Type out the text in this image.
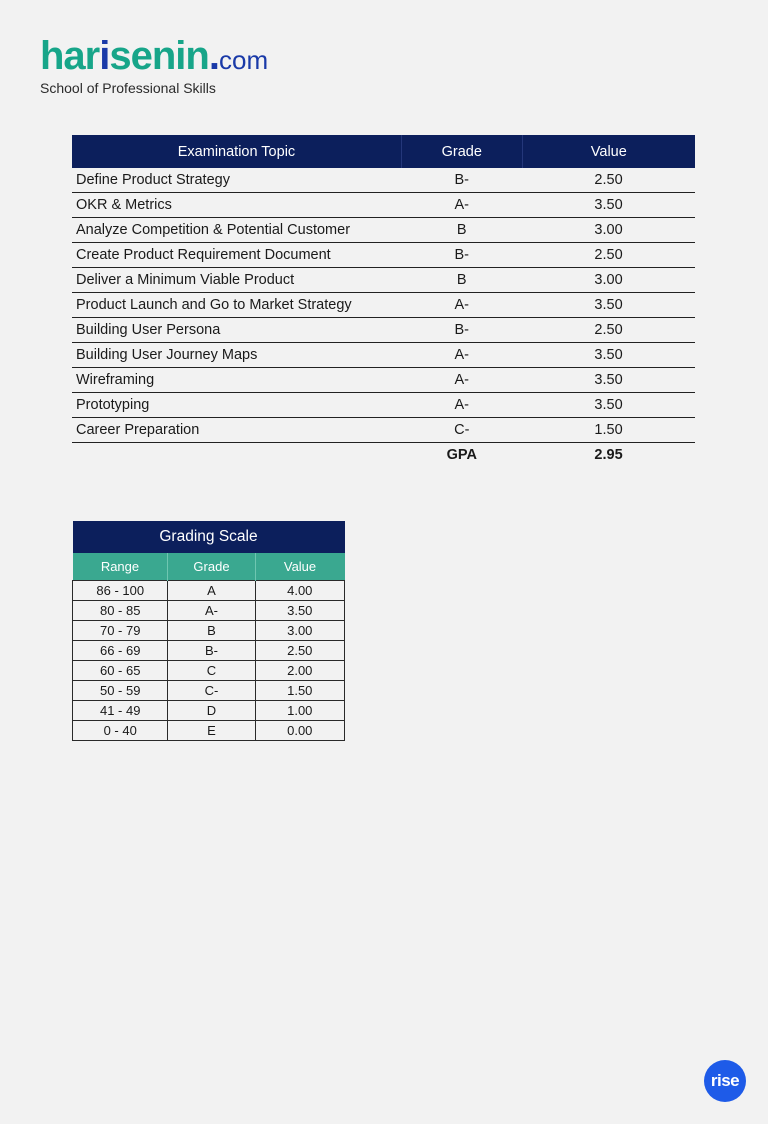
harisenin.com
School of Professional Skills
Examination Topic	Grade	Value
Define Product Strategy	B-	2.50
OKR & Metrics	A-	3.50
Analyze Competition & Potential Customer	B	3.00
Create Product Requirement Document	B-	2.50
Deliver a Minimum Viable Product	B	3.00
Product Launch and Go to Market Strategy	A-	3.50
Building User Persona	B-	2.50
Building User Journey Maps	A-	3.50
Wireframing	A-	3.50
Prototyping	A-	3.50
Career Preparation	C-	1.50
	GPA	2.95
Grading Scale		
Range	Grade	Value
86 - 100	A	4.00
80 - 85	A-	3.50
70 - 79	B	3.00
66 - 69	B-	2.50
60 - 65	C	2.00
50 - 59	C-	1.50
41 - 49	D	1.00
0 - 40	E	0.00
rise
